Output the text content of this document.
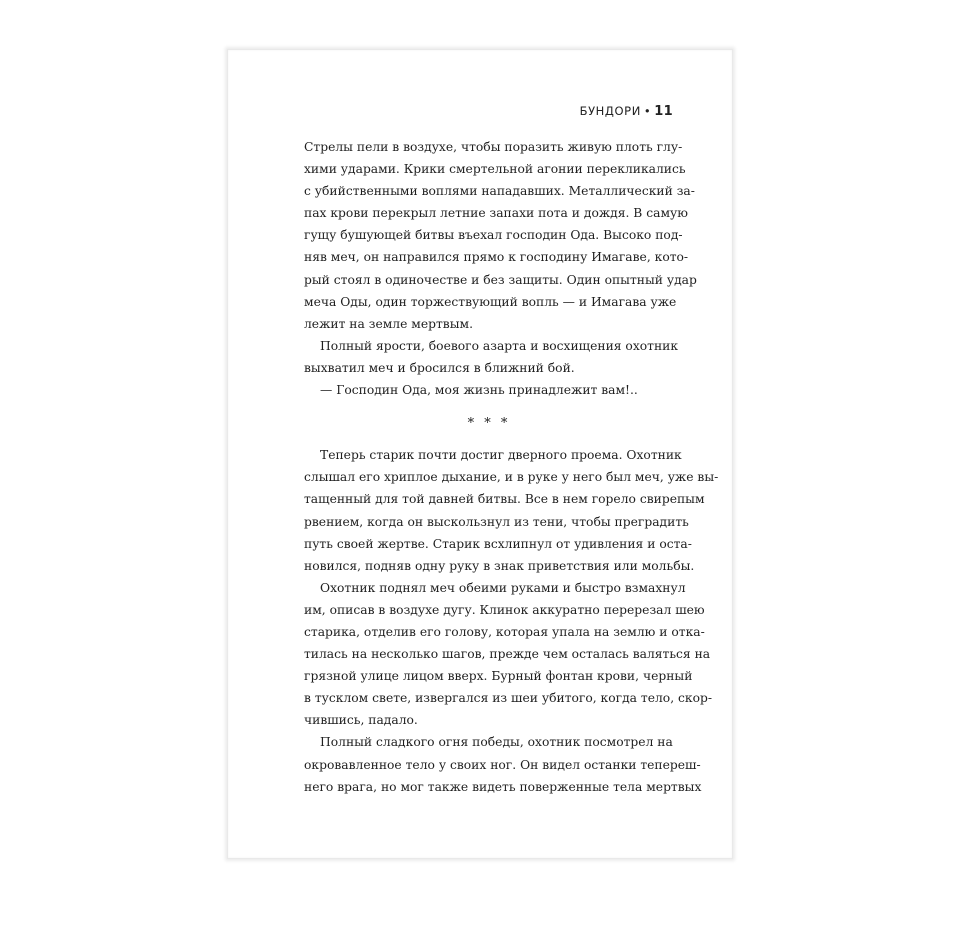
БУНДОРИ • 11
Стрелы пели в воздухе, чтобы поразить живую плоть глу-
хими ударами. Крики смертельной агонии перекликались
с убийственными воплями нападавших. Металлический за-
пах крови перекрыл летние запахи пота и дождя. В самую
гущу бушующей битвы въехал господин Ода. Высоко под-
няв меч, он направился прямо к господину Имагаве, кото-
рый стоял в одиночестве и без защиты. Один опытный удар
меча Оды, один торжествующий вопль — и Имагава уже
лежит на земле мертвым.
Полный ярости, боевого азарта и восхищения охотник
выхватил меч и бросился в ближний бой.
— Господин Ода, моя жизнь принадлежит вам!..
* * *
Теперь старик почти достиг дверного проема. Охотник
слышал его хриплое дыхание, и в руке у него был меч, уже вы-
тащенный для той давней битвы. Все в нем горело свирепым
рвением, когда он выскользнул из тени, чтобы преградить
путь своей жертве. Старик всхлипнул от удивления и оста-
новился, подняв одну руку в знак приветствия или мольбы.
Охотник поднял меч обеими руками и быстро взмахнул
им, описав в воздухе дугу. Клинок аккуратно перерезал шею
старика, отделив его голову, которая упала на землю и отка-
тилась на несколько шагов, прежде чем осталась валяться на
грязной улице лицом вверх. Бурный фонтан крови, черный
в тусклом свете, извергался из шеи убитого, когда тело, скор-
чившись, падало.
Полный сладкого огня победы, охотник посмотрел на
окровавленное тело у своих ног. Он видел останки тепереш-
него врага, но мог также видеть поверженные тела мертвых
